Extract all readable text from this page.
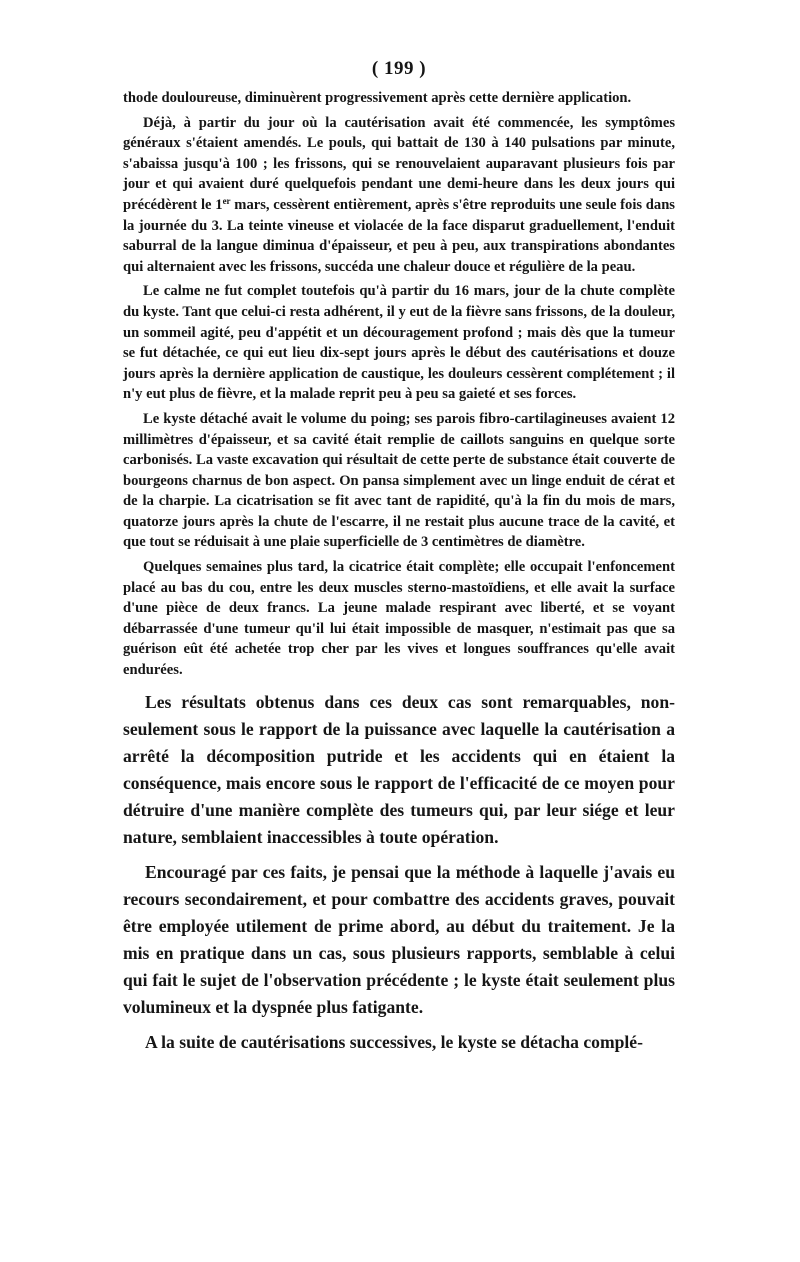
( 199 )

thode douloureuse, diminuèrent progressivement après cette dernière application.

Déjà, à partir du jour où la cautérisation avait été commencée, les symptômes généraux s'étaient amendés. Le pouls, qui battait de 130 à 140 pulsations par minute, s'abaissa jusqu'à 100 ; les frissons, qui se renouvelaient auparavant plusieurs fois par jour et qui avaient duré quelquefois pendant une demi-heure dans les deux jours qui précédèrent le 1er mars, cessèrent entièrement, après s'être reproduits une seule fois dans la journée du 3. La teinte vineuse et violacée de la face disparut graduellement, l'enduit saburral de la langue diminua d'épaisseur, et peu à peu, aux transpirations abondantes qui alternaient avec les frissons, succéda une chaleur douce et régulière de la peau.

Le calme ne fut complet toutefois qu'à partir du 16 mars, jour de la chute complète du kyste. Tant que celui-ci resta adhérent, il y eut de la fièvre sans frissons, de la douleur, un sommeil agité, peu d'appétit et un découragement profond ; mais dès que la tumeur se fut détachée, ce qui eut lieu dix-sept jours après le début des cautérisations et douze jours après la dernière application de caustique, les douleurs cessèrent complétement ; il n'y eut plus de fièvre, et la malade reprit peu à peu sa gaieté et ses forces.

Le kyste détaché avait le volume du poing; ses parois fibro-cartilagineuses avaient 12 millimètres d'épaisseur, et sa cavité était remplie de caillots sanguins en quelque sorte carbonisés. La vaste excavation qui résultait de cette perte de substance était couverte de bourgeons charnus de bon aspect. On pansa simplement avec un linge enduit de cérat et de la charpie. La cicatrisation se fit avec tant de rapidité, qu'à la fin du mois de mars, quatorze jours après la chute de l'escarre, il ne restait plus aucune trace de la cavité, et que tout se réduisait à une plaie superficielle de 3 centimètres de diamètre.

Quelques semaines plus tard, la cicatrice était complète; elle occupait l'enfoncement placé au bas du cou, entre les deux muscles sterno-mastoïdiens, et elle avait la surface d'une pièce de deux francs. La jeune malade respirant avec liberté, et se voyant débarrassée d'une tumeur qu'il lui était impossible de masquer, n'estimait pas que sa guérison eût été achetée trop cher par les vives et longues souffrances qu'elle avait endurées.

Les résultats obtenus dans ces deux cas sont remarquables, non-seulement sous le rapport de la puissance avec laquelle la cautérisation a arrêté la décomposition putride et les accidents qui en étaient la conséquence, mais encore sous le rapport de l'efficacité de ce moyen pour détruire d'une manière complète des tumeurs qui, par leur siége et leur nature, semblaient inaccessibles à toute opération.

Encouragé par ces faits, je pensai que la méthode à laquelle j'avais eu recours secondairement, et pour combattre des accidents graves, pouvait être employée utilement de prime abord, au début du traitement. Je la mis en pratique dans un cas, sous plusieurs rapports, semblable à celui qui fait le sujet de l'observation précédente ; le kyste était seulement plus volumineux et la dyspnée plus fatigante.

A la suite de cautérisations successives, le kyste se détacha complé-
